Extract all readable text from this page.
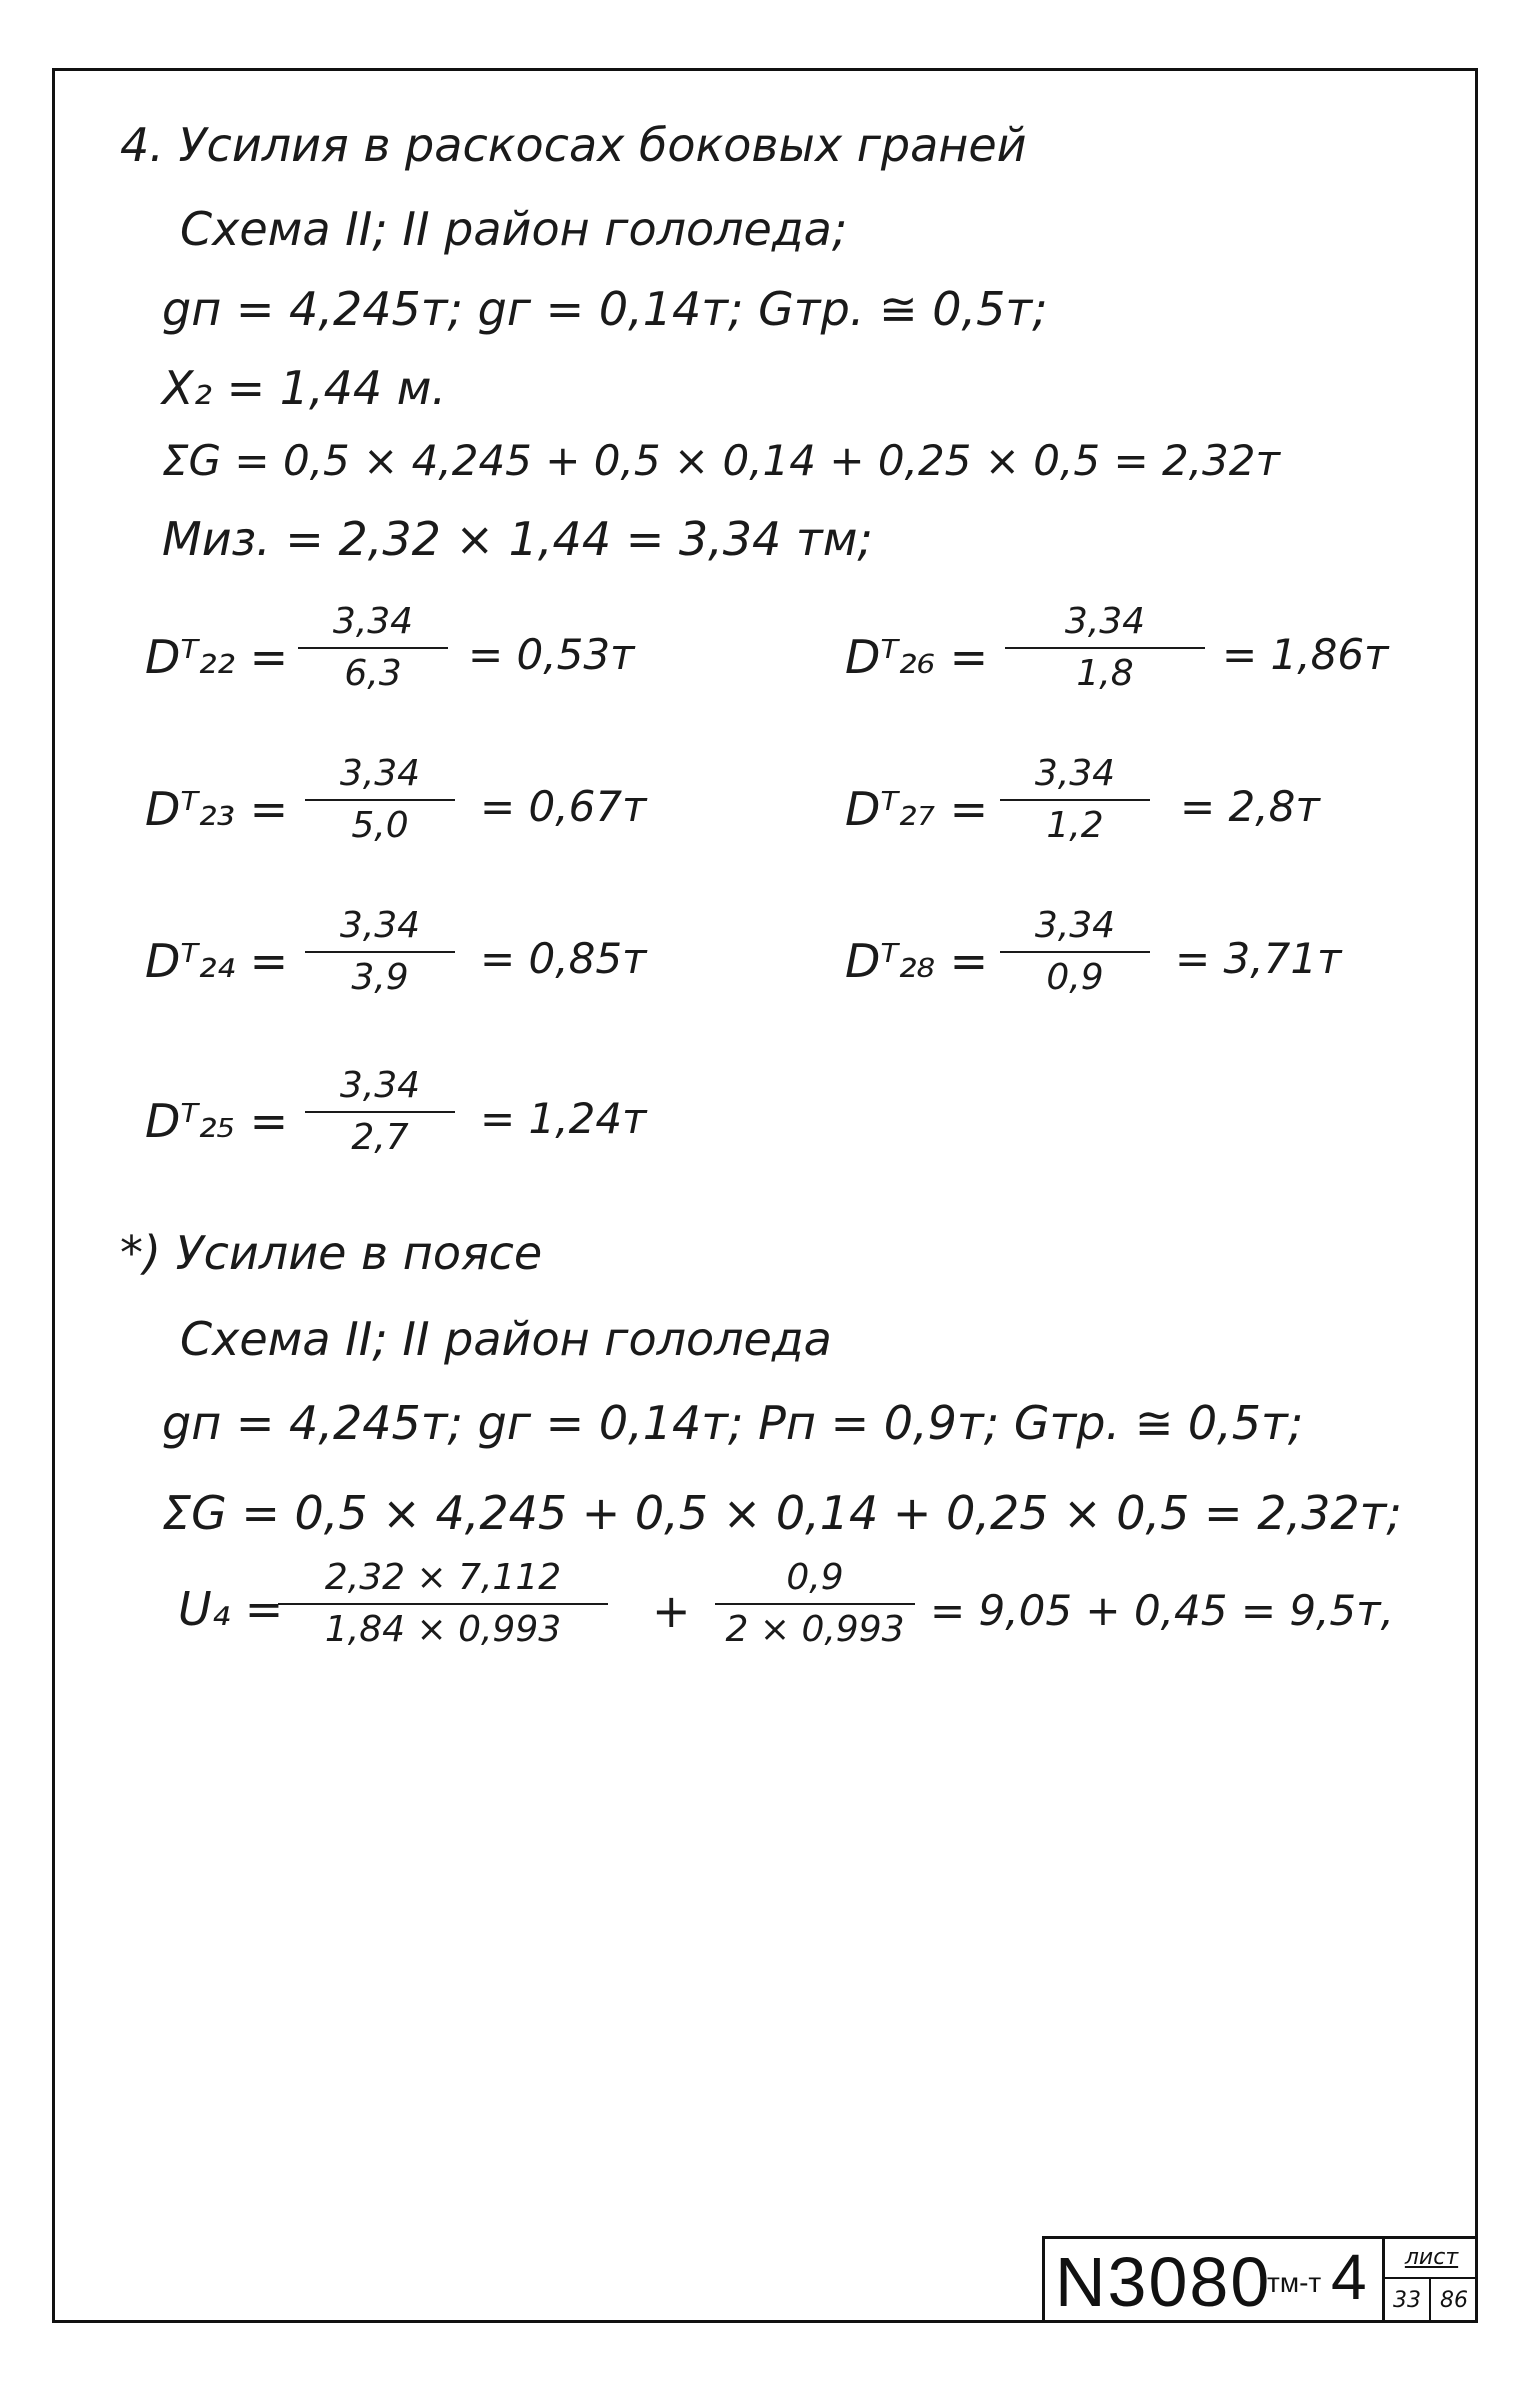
4. Усилия в раскосах боковых граней
Схема II; II район гололеда;
gп = 4,245т; gг = 0,14т; Gтр. ≅ 0,5т;
X₂ = 1,44 м.
ΣG = 0,5 × 4,245 + 0,5 × 0,14 + 0,25 × 0,5 = 2,32т
Mиз. = 2,32 × 1,44 = 3,34 тм;
Dᵀ₂₂ = $\frac{3,34}{6,3} = 0,53т$
Dᵀ₂₃ = $\frac{3,34}{5,0} = 0,67т$
Dᵀ₂₄ = $\frac{3,34}{3,9} = 0,85т$
Dᵀ₂₅ = $\frac{3,34}{2,7} = 1,24т$
Dᵀ₂₆ = $\frac{3,34}{1,8} = 1,86т$
Dᵀ₂₇ = $\frac{3,34}{1,2} = 2,8т$
Dᵀ₂₈ = $\frac{3,34}{0,9} = 3,71т$
*) Усилие в поясе
Схема II; II район гололеда
gп = 4,245т; gг = 0,14т; Pп = 0,9т; Gтр. ≅ 0,5т;
ΣG = 0,5 × 4,245 + 0,5 × 0,14 + 0,25 × 0,5 = 2,32т;
U₄ =
$\frac{2,32 \times 7,112}{1,84 \times 0,993} + \frac{0,9}{2 \times 0,993} = 9,05 + 0,45 = 9,5т$,
N3080
тм-т 4	лист
33 86
